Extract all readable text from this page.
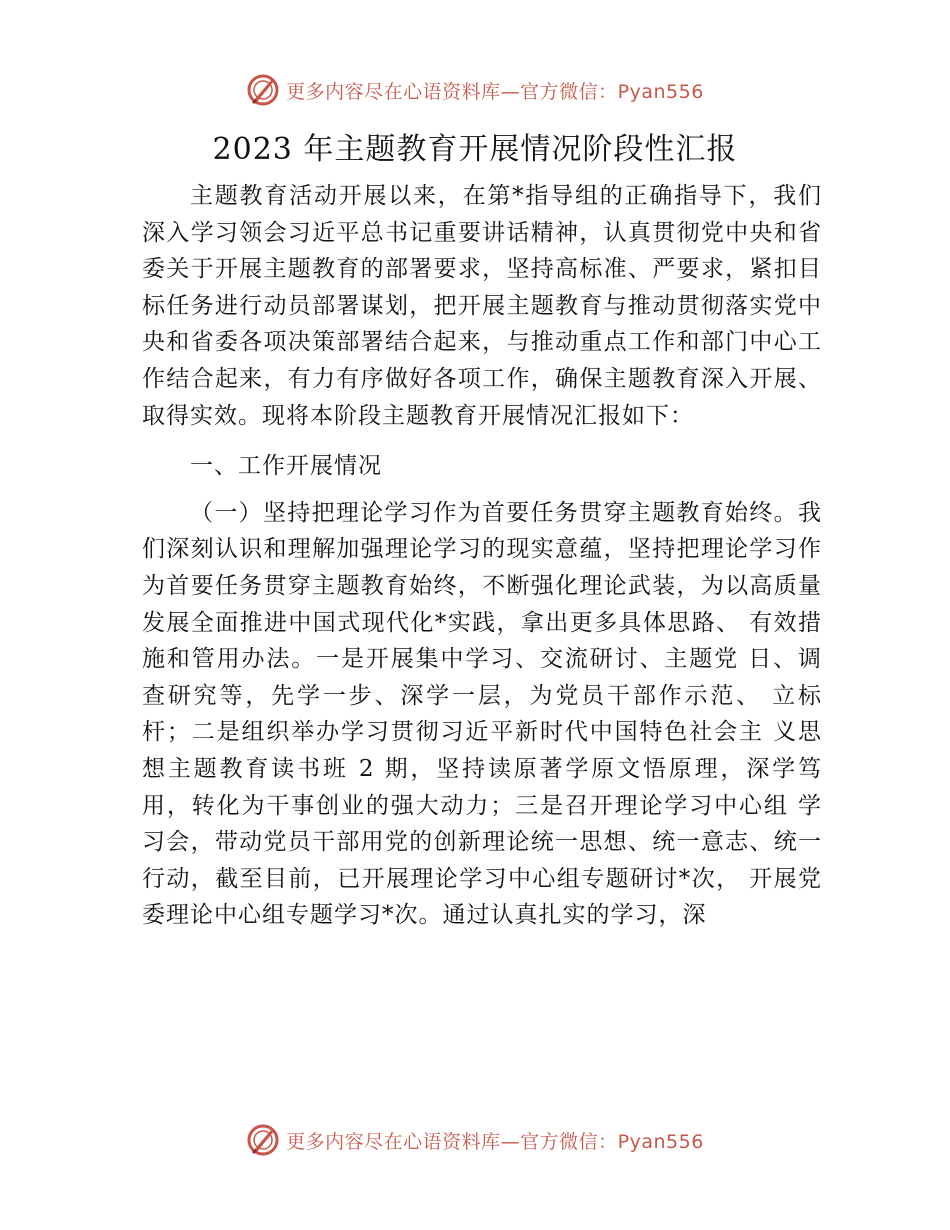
更多内容尽在心语资料库—官方微信：Pyan556
2023 年主题教育开展情况阶段性汇报

主题教育活动开展以来，在第*指导组的正确指导下，我们深入学习领会习近平总书记重要讲话精神，认真贯彻党中央和省委关于开展主题教育的部署要求，坚持高标准、严要求，紧扣目标任务进行动员部署谋划，把开展主题教育与推动贯彻落实党中央和省委各项决策部署结合起来，与推动重点工作和部门中心工作结合起来，有力有序做好各项工作，确保主题教育深入开展、取得实效。现将本阶段主题教育开展情况汇报如下：

一、工作开展情况

（一）坚持把理论学习作为首要任务贯穿主题教育始终。我们深刻认识和理解加强理论学习的现实意蕴，坚持把理论学习作为首要任务贯穿主题教育始终，不断强化理论武装，为以高质量发展全面推进中国式现代化*实践，拿出更多具体思路、 有效措施和管用办法。一是开展集中学习、交流研讨、主题党 日、调查研究等，先学一步、深学一层，为党员干部作示范、 立标杆；二是组织举办学习贯彻习近平新时代中国特色社会主 义思想主题教育读书班 2 期，坚持读原著学原文悟原理，深学笃用，转化为干事创业的强大动力；三是召开理论学习中心组 学习会，带动党员干部用党的创新理论统一思想、统一意志、统一行动，截至目前，已开展理论学习中心组专题研讨*次， 开展党委理论中心组专题学习*次。通过认真扎实的学习，深

更多内容尽在心语资料库—官方微信：Pyan556
